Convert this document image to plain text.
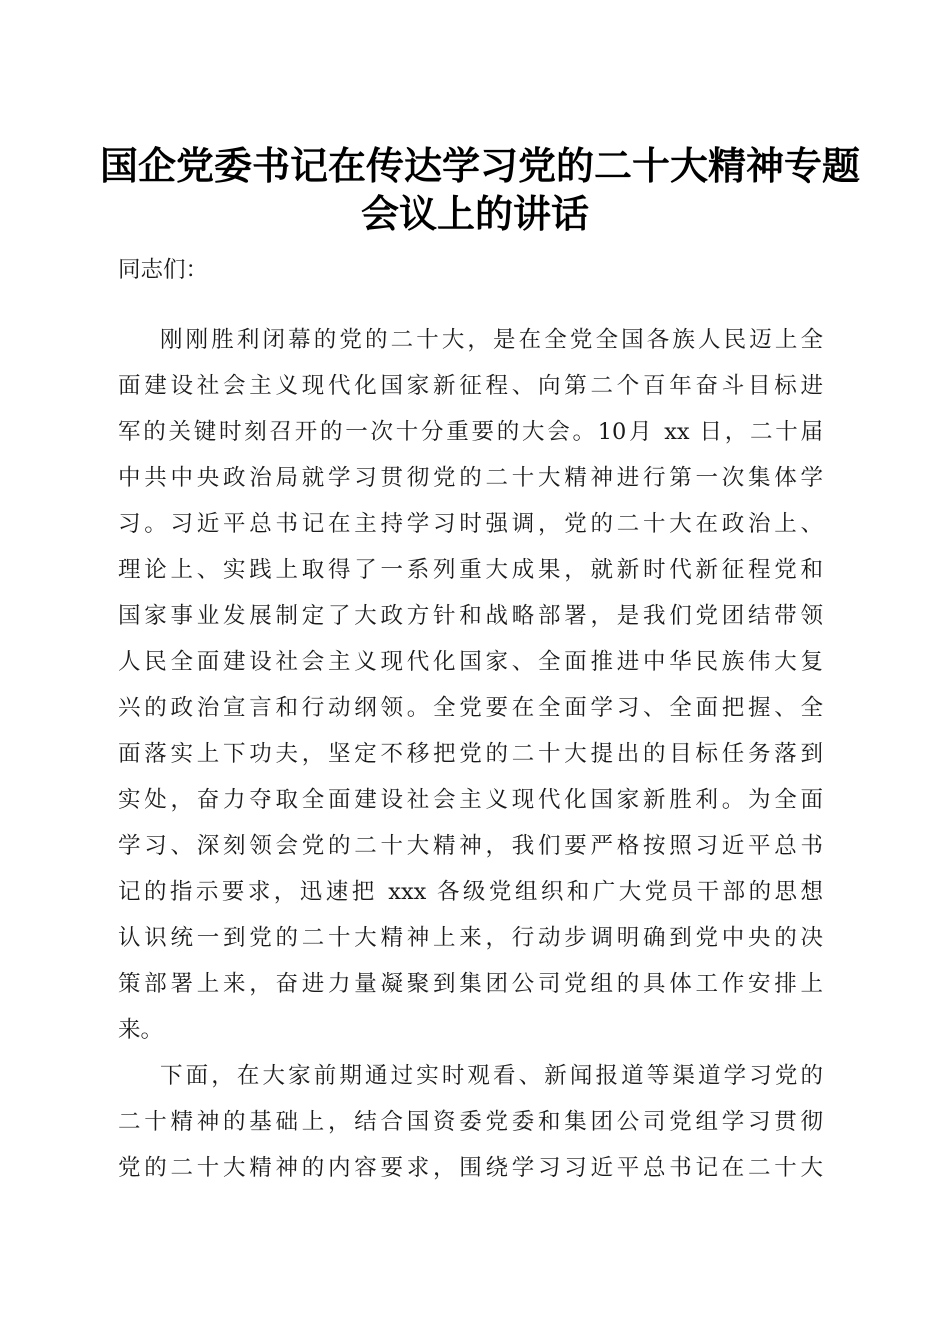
国企党委书记在传达学习党的二十大精神专题
会议上的讲话
同志们：
刚刚胜利闭幕的党的二十大，是在全党全国各族人民迈上全
面建设社会主义现代化国家新征程、向第二个百年奋斗目标进
军的关键时刻召开的一次十分重要的大会。10月 xx 日，二十届
中共中央政治局就学习贯彻党的二十大精神进行第一次集体学
习。习近平总书记在主持学习时强调，党的二十大在政治上、
理论上、实践上取得了一系列重大成果，就新时代新征程党和
国家事业发展制定了大政方针和战略部署，是我们党团结带领
人民全面建设社会主义现代化国家、全面推进中华民族伟大复
兴的政治宣言和行动纲领。全党要在全面学习、全面把握、全
面落实上下功夫，坚定不移把党的二十大提出的目标任务落到
实处，奋力夺取全面建设社会主义现代化国家新胜利。为全面
学习、深刻领会党的二十大精神，我们要严格按照习近平总书
记的指示要求，迅速把 xxx 各级党组织和广大党员干部的思想
认识统一到党的二十大精神上来，行动步调明确到党中央的决
策部署上来，奋进力量凝聚到集团公司党组的具体工作安排上
来。
下面，在大家前期通过实时观看、新闻报道等渠道学习党的
二十精神的基础上，结合国资委党委和集团公司党组学习贯彻
党的二十大精神的内容要求，围绕学习习近平总书记在二十大
